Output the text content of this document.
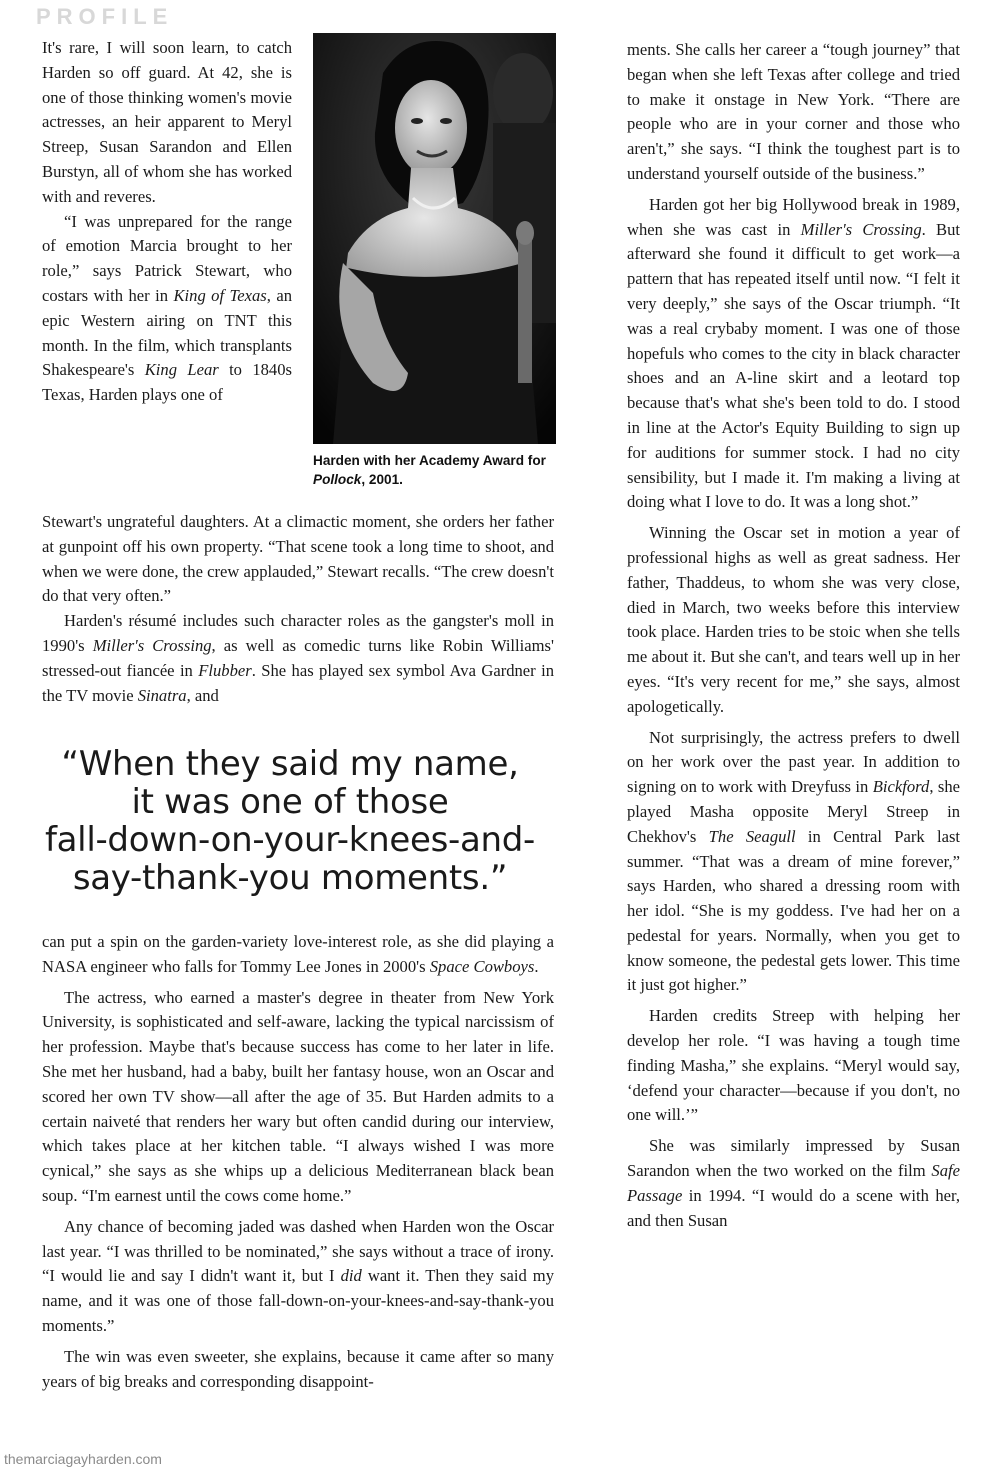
PROFILE

It's rare, I will soon learn, to catch Harden so off guard. At 42, she is one of those thinking women's movie actresses, an heir apparent to Meryl Streep, Susan Sarandon and Ellen Burstyn, all of whom she has worked with and reveres.

“I was unprepared for the range of emotion Marcia brought to her role,” says Patrick Stewart, who costars with her in King of Texas, an epic Western airing on TNT this month. In the film, which transplants Shakespeare's King Lear to 1840s Texas, Harden plays one of

Harden with her Academy Award for Pollock, 2001.

Stewart's ungrateful daughters. At a climactic moment, she orders her father at gunpoint off his own property. “That scene took a long time to shoot, and when we were done, the crew applauded,” Stewart recalls. “The crew doesn't do that very often.”

Harden's résumé includes such character roles as the gangster's moll in 1990's Miller's Crossing, as well as comedic turns like Robin Williams' stressed-out fiancée in Flubber. She has played sex symbol Ava Gardner in the TV movie Sinatra, and

“When they said my name,
it was one of those
fall-down-on-your-knees-and-
say-thank-you moments.”

can put a spin on the garden-variety love-interest role, as she did playing a NASA engineer who falls for Tommy Lee Jones in 2000's Space Cowboys.

The actress, who earned a master's degree in theater from New York University, is sophisticated and self-aware, lacking the typical narcissism of her profession. Maybe that's because success has come to her later in life. She met her husband, had a baby, built her fantasy house, won an Oscar and scored her own TV show—all after the age of 35. But Harden admits to a certain naiveté that renders her wary but often candid during our interview, which takes place at her kitchen table. “I always wished I was more cynical,” she says as she whips up a delicious Mediterranean black bean soup. “I'm earnest until the cows come home.”

Any chance of becoming jaded was dashed when Harden won the Oscar last year. “I was thrilled to be nominated,” she says without a trace of irony. “I would lie and say I didn't want it, but I did want it. Then they said my name, and it was one of those fall-down-on-your-knees-and-say-thank-you moments.”

The win was even sweeter, she explains, because it came after so many years of big breaks and corresponding disappoint-

ments. She calls her career a “tough journey” that began when she left Texas after college and tried to make it onstage in New York. “There are people who are in your corner and those who aren't,” she says. “I think the toughest part is to understand yourself outside of the business.”

Harden got her big Hollywood break in 1989, when she was cast in Miller's Crossing. But afterward she found it difficult to get work—a pattern that has repeated itself until now. “I felt it very deeply,” she says of the Oscar triumph. “It was a real crybaby moment. I was one of those hopefuls who comes to the city in black character shoes and an A-line skirt and a leotard top because that's what she's been told to do. I stood in line at the Actor's Equity Building to sign up for auditions for summer stock. I had no city sensibility, but I made it. I'm making a living at doing what I love to do. It was a long shot.”

Winning the Oscar set in motion a year of professional highs as well as great sadness. Her father, Thaddeus, to whom she was very close, died in March, two weeks before this interview took place. Harden tries to be stoic when she tells me about it. But she can't, and tears well up in her eyes. “It's very recent for me,” she says, almost apologetically.

Not surprisingly, the actress prefers to dwell on her work over the past year. In addition to signing on to work with Dreyfuss in Bickford, she played Masha opposite Meryl Streep in Chekhov's The Seagull in Central Park last summer. “That was a dream of mine forever,” says Harden, who shared a dressing room with her idol. “She is my goddess. I've had her on a pedestal for years. Normally, when you get to know someone, the pedestal gets lower. This time it just got higher.”

Harden credits Streep with helping her develop her role. “I was having a tough time finding Masha,” she explains. “Meryl would say, ‘defend your character—because if you don't, no one will.’”

She was similarly impressed by Susan Sarandon when the two worked on the film Safe Passage in 1994. “I would do a scene with her, and then Susan

themarciagayharden.com
